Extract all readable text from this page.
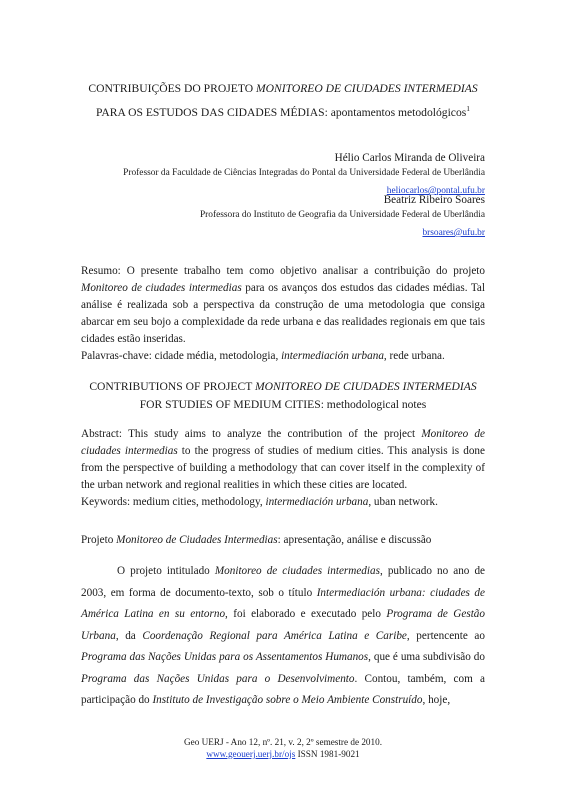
CONTRIBUIÇÕES DO PROJETO MONITOREO DE CIUDADES INTERMEDIAS
PARA OS ESTUDOS DAS CIDADES MÉDIAS: apontamentos metodológicos$^1$
Hélio Carlos Miranda de Oliveira
Professor da Faculdade de Ciências Integradas do Pontal da Universidade Federal de Uberlândia
heliocarlos@pontal.ufu.br
Beatriz Ribeiro Soares
Professora do Instituto de Geografia da Universidade Federal de Uberlândia
brsoares@ufu.br
Resumo: O presente trabalho tem como objetivo analisar a contribuição do projeto Monitoreo de ciudades intermedias para os avanços dos estudos das cidades médias. Tal análise é realizada sob a perspectiva da construção de uma metodologia que consiga abarcar em seu bojo a complexidade da rede urbana e das realidades regionais em que tais cidades estão inseridas.
Palavras-chave: cidade média, metodologia, intermediación urbana, rede urbana.
CONTRIBUTIONS OF PROJECT MONITOREO DE CIUDADES INTERMEDIAS
FOR STUDIES OF MEDIUM CITIES: methodological notes
Abstract: This study aims to analyze the contribution of the project Monitoreo de ciudades intermedias to the progress of studies of medium cities. This analysis is done from the perspective of building a methodology that can cover itself in the complexity of the urban network and regional realities in which these cities are located.
Keywords: medium cities, methodology, intermediación urbana, uban network.
Projeto Monitoreo de Ciudades Intermedias: apresentação, análise e discussão
O projeto intitulado Monitoreo de ciudades intermedias, publicado no ano de 2003, em forma de documento-texto, sob o título Intermediación urbana: ciudades de América Latina en su entorno, foi elaborado e executado pelo Programa de Gestão Urbana, da Coordenação Regional para América Latina e Caribe, pertencente ao Programa das Nações Unidas para os Assentamentos Humanos, que é uma subdivisão do Programa das Nações Unidas para o Desenvolvimento. Contou, também, com a participação do Instituto de Investigação sobre o Meio Ambiente Construído, hoje,
Geo UERJ - Ano 12, nº. 21, v. 2, 2º semestre de 2010.
www.geouerj.uerj.br/ojs ISSN 1981-9021
